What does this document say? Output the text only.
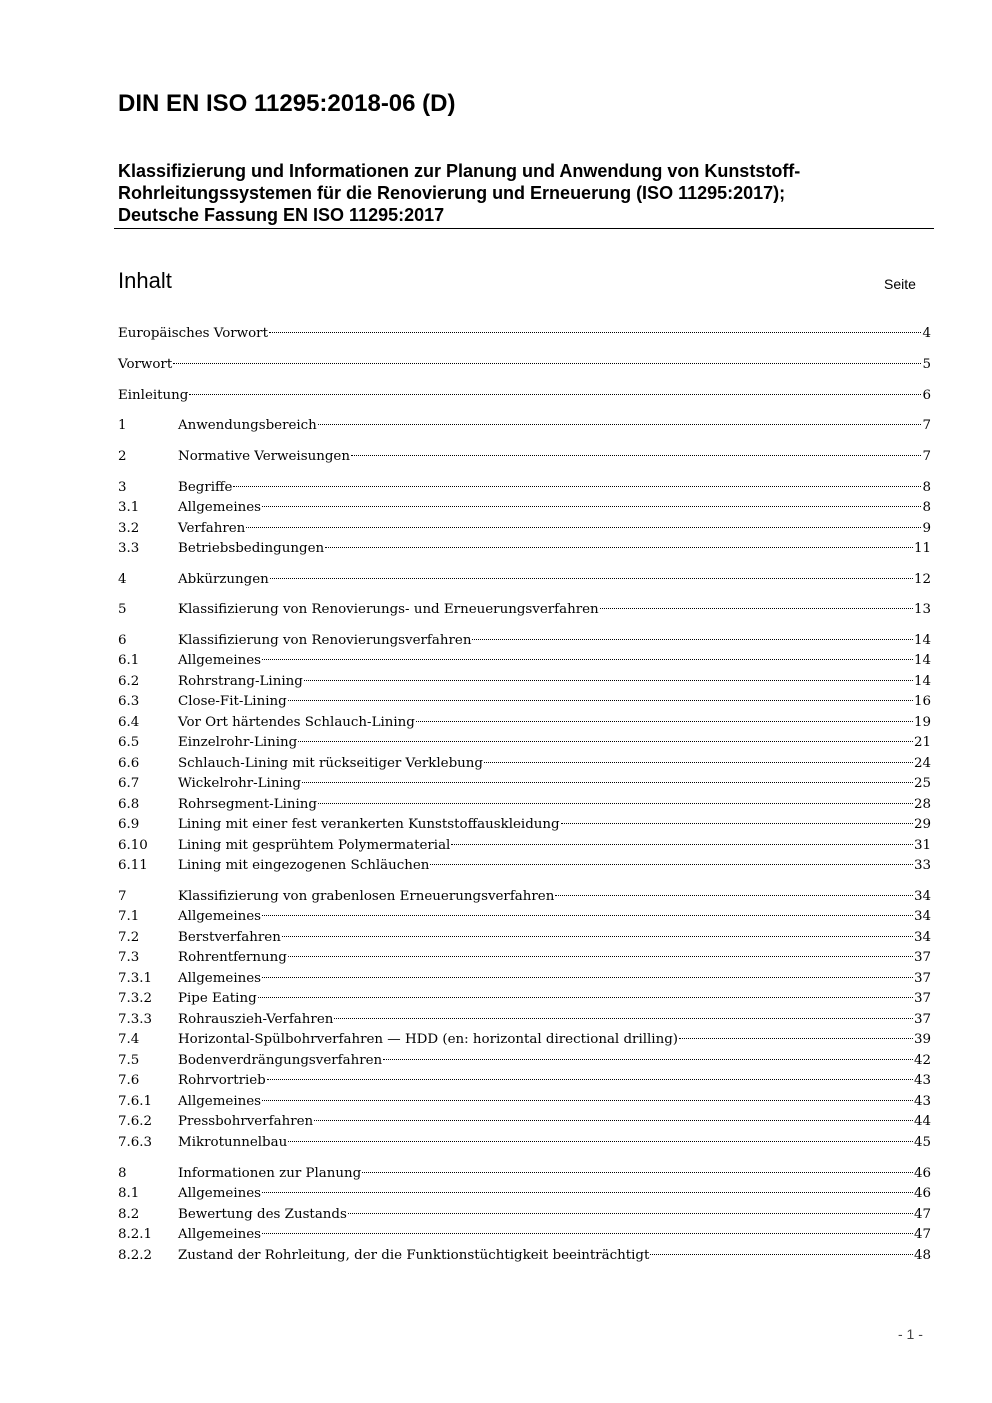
DIN EN ISO 11295:2018-06 (D)
Klassifizierung und Informationen zur Planung und Anwendung von Kunststoff-
Rohrleitungssystemen für die Renovierung und Erneuerung (ISO 11295:2017);
Deutsche Fassung EN ISO 11295:2017
Inhalt	Seite
Europäisches Vorwort	4
Vorwort	5
Einleitung	6
1	Anwendungsbereich	7
2	Normative Verweisungen	7
3	Begriffe	8
3.1	Allgemeines	8
3.2	Verfahren	9
3.3	Betriebsbedingungen	11
4	Abkürzungen	12
5	Klassifizierung von Renovierungs- und Erneuerungsverfahren	13
6	Klassifizierung von Renovierungsverfahren	14
6.1	Allgemeines	14
6.2	Rohrstrang-Lining	14
6.3	Close-Fit-Lining	16
6.4	Vor Ort härtendes Schlauch-Lining	19
6.5	Einzelrohr-Lining	21
6.6	Schlauch-Lining mit rückseitiger Verklebung	24
6.7	Wickelrohr-Lining	25
6.8	Rohrsegment-Lining	28
6.9	Lining mit einer fest verankerten Kunststoffauskleidung	29
6.10	Lining mit gesprühtem Polymermaterial	31
6.11	Lining mit eingezogenen Schläuchen	33
7	Klassifizierung von grabenlosen Erneuerungsverfahren	34
7.1	Allgemeines	34
7.2	Berstverfahren	34
7.3	Rohrentfernung	37
7.3.1	Allgemeines	37
7.3.2	Pipe Eating	37
7.3.3	Rohrauszieh-Verfahren	37
7.4	Horizontal-Spülbohrverfahren — HDD (en: horizontal directional drilling)	39
7.5	Bodenverdrängungsverfahren	42
7.6	Rohrvortrieb	43
7.6.1	Allgemeines	43
7.6.2	Pressbohrverfahren	44
7.6.3	Mikrotunnelbau	45
8	Informationen zur Planung	46
8.1	Allgemeines	46
8.2	Bewertung des Zustands	47
8.2.1	Allgemeines	47
8.2.2	Zustand der Rohrleitung, der die Funktionstüchtigkeit beeinträchtigt	48
- 1 -
